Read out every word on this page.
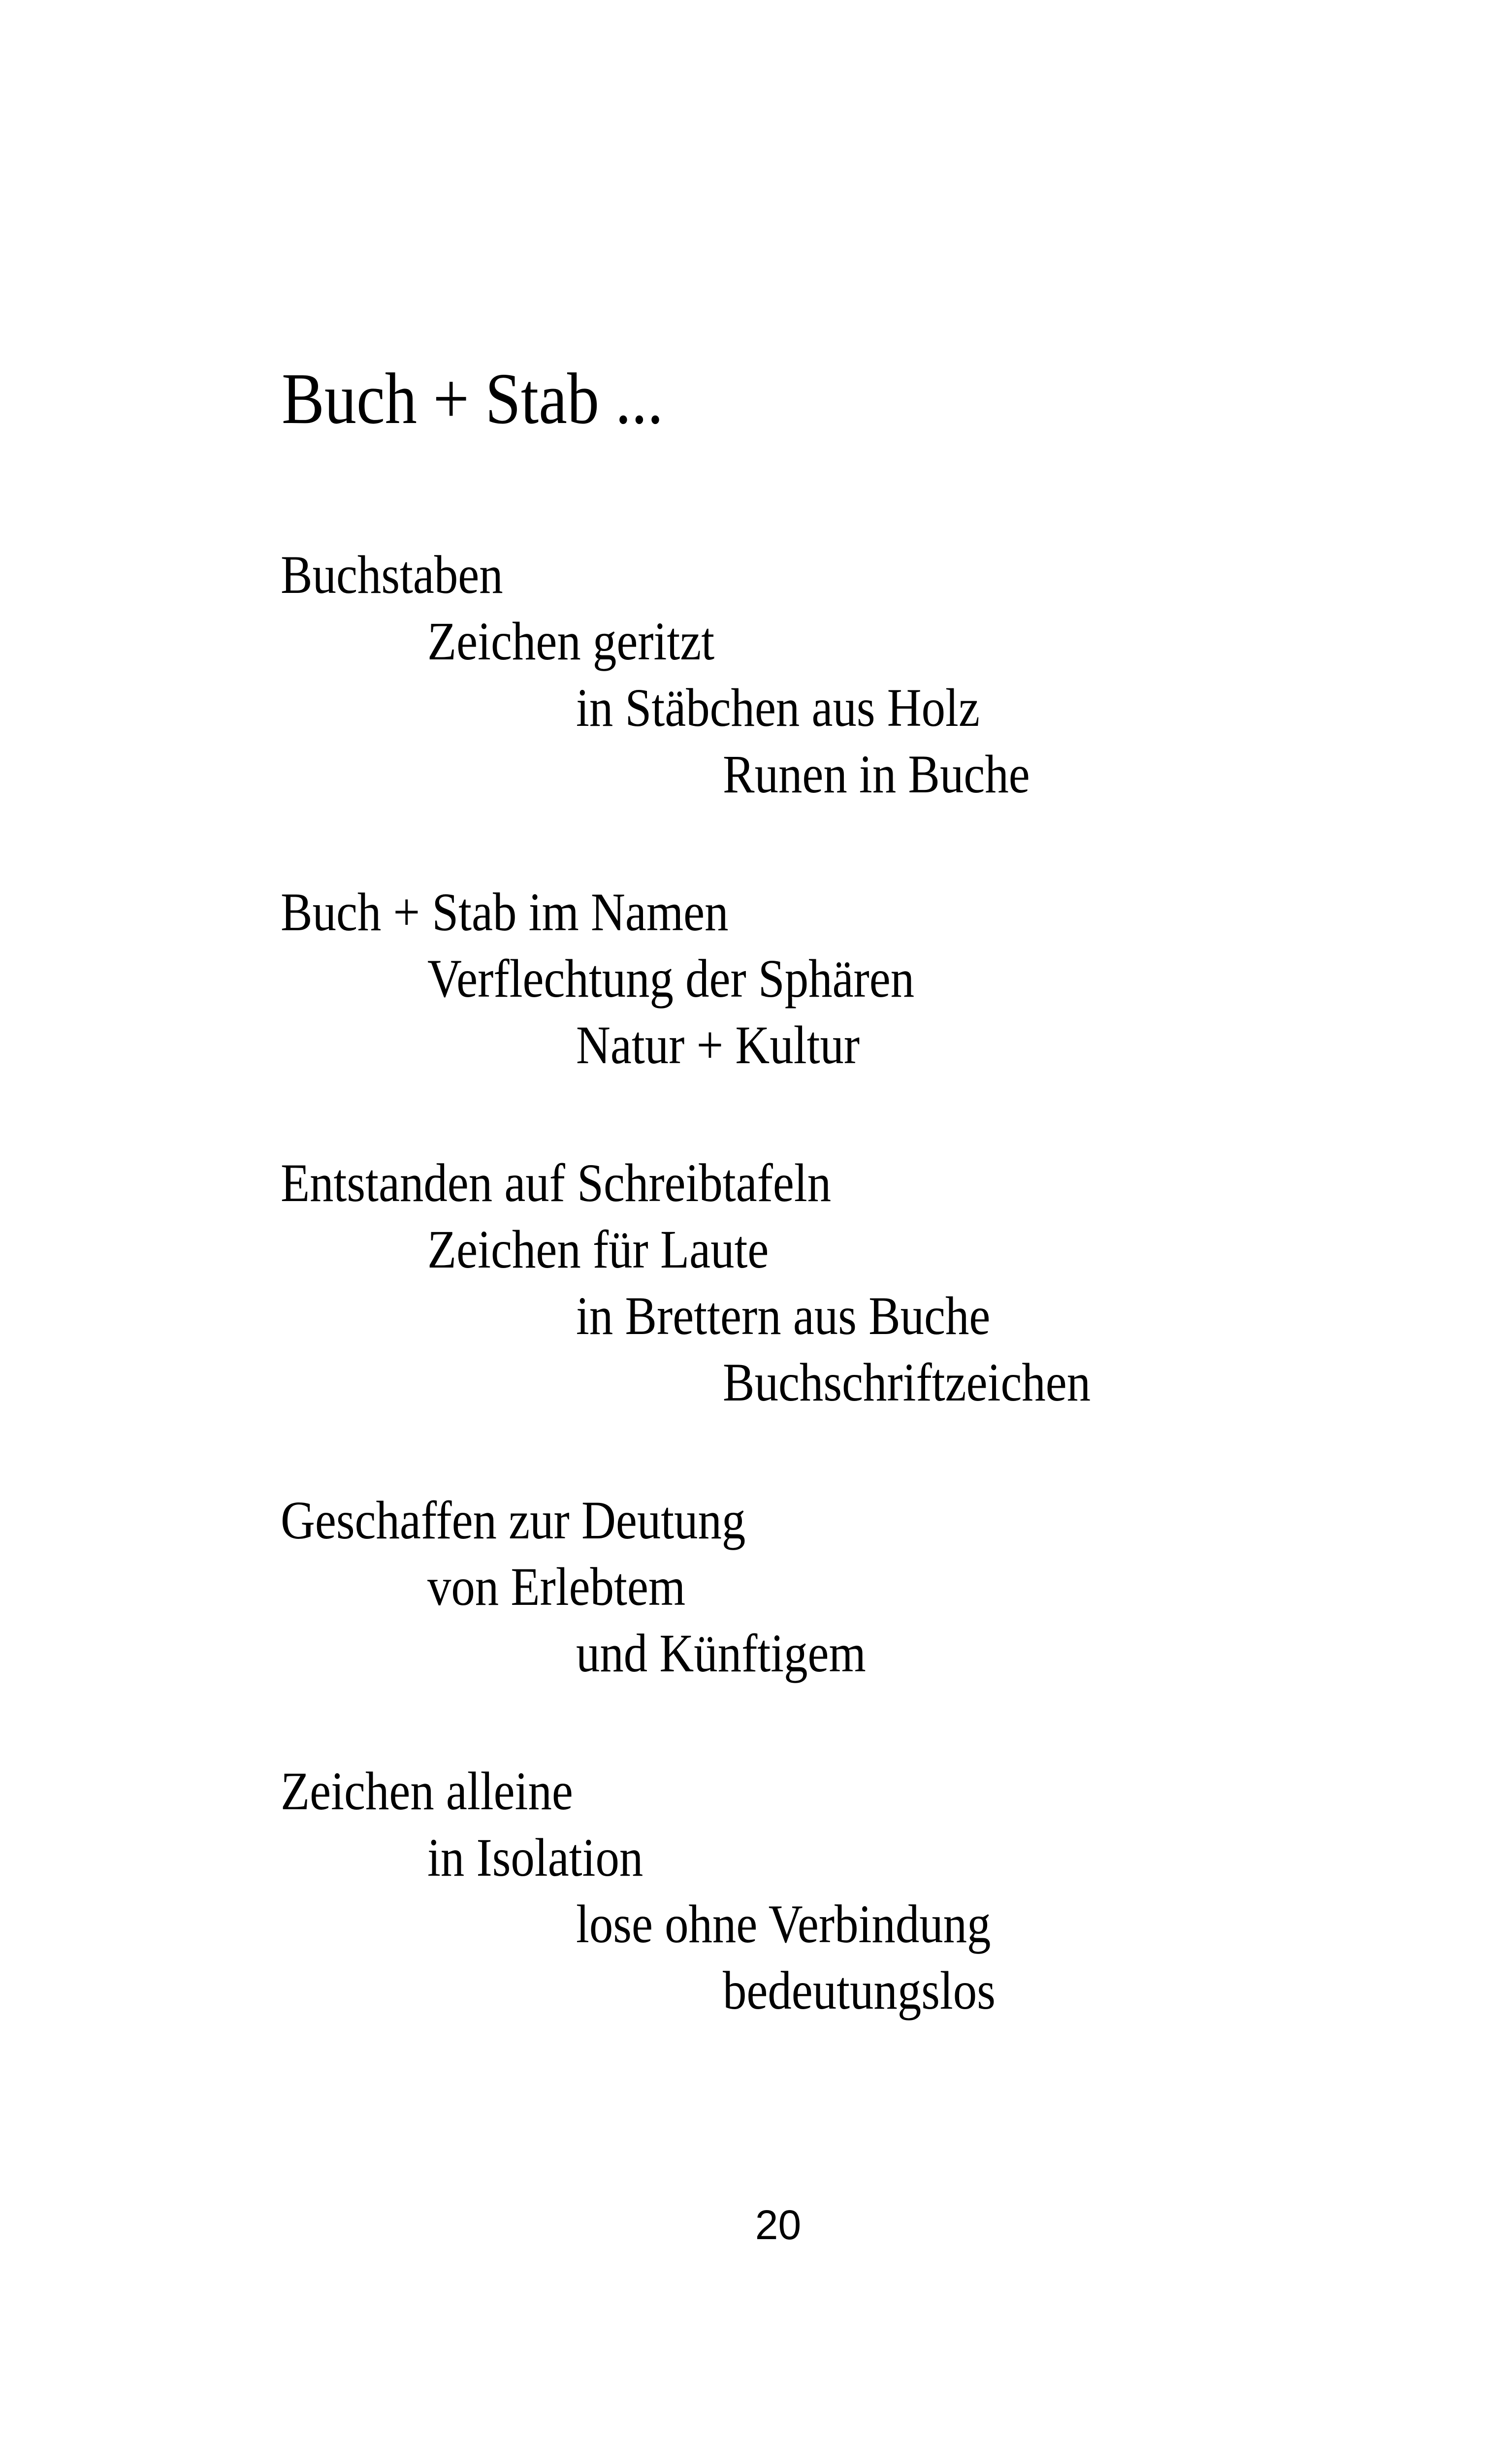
Buch + Stab ...
Buchstaben
Zeichen geritzt
in Stäbchen aus Holz
Runen in Buche
Buch + Stab im Namen
Verflechtung der Sphären
Natur + Kultur
Entstanden auf Schreibtafeln
Zeichen für Laute
in Brettern aus Buche
Buchschriftzeichen
Geschaffen zur Deutung
von Erlebtem
und Künftigem
Zeichen alleine
in Isolation
lose ohne Verbindung
bedeutungslos
20
